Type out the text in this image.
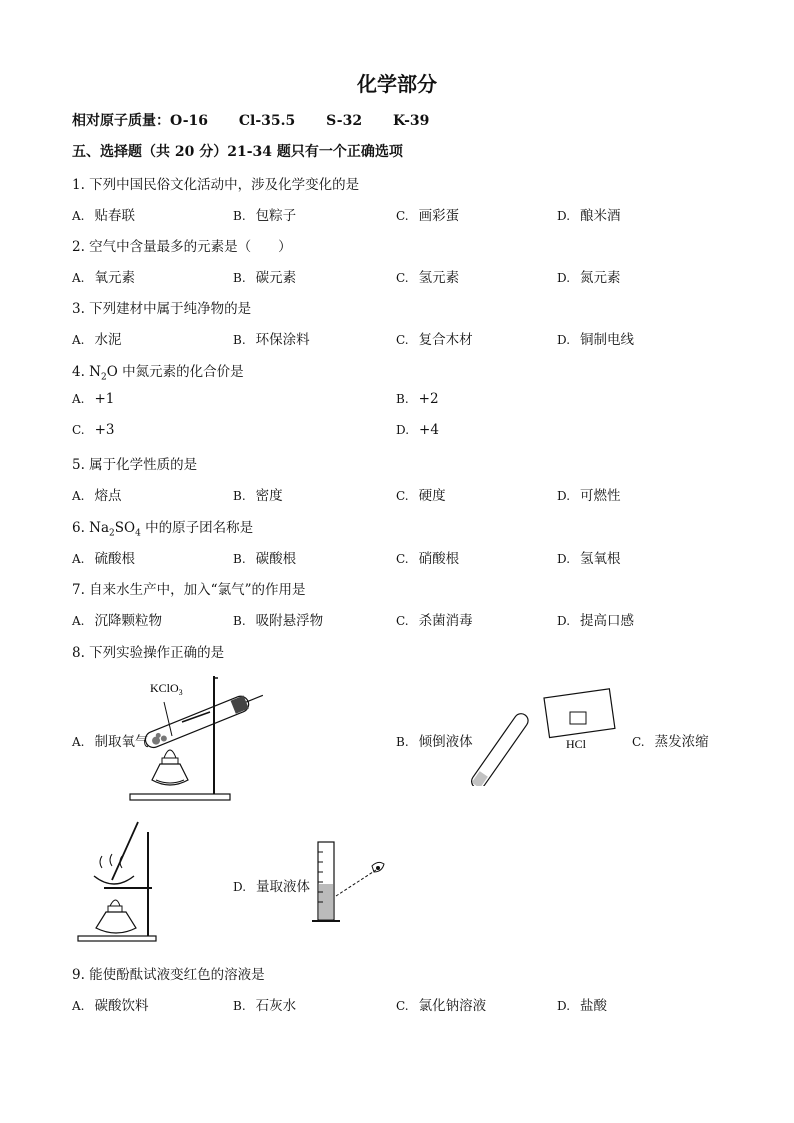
化学部分
相对原子质量：O-16 Cl-35.5 S-32 K-39
五、选择题（共 20 分）21-34 题只有一个正确选项
1. 下列中国民俗文化活动中，涉及化学变化的是
A. 贴春联	B. 包粽子	C. 画彩蛋	D. 酿米酒
2. 空气中含量最多的元素是（　　）
A. 氧元素	B. 碳元素	C. 氢元素	D. 氮元素
3. 下列建材中属于纯净物的是
A. 水泥	B. 环保涂料	C. 复合木材	D. 铜制电线
4. $N_2O$ 中氮元素的化合价是
A. +1	B. +2
C. +3	D. +4
5. 属于化学性质的是
A. 熔点	B. 密度	C. 硬度	D. 可燃性
6. $Na_2SO_4$ 中的原子团名称是
A. 硫酸根	B. 碳酸根	C. 硝酸根	D. 氢氧根
7. 自来水生产中，加入“氯气”的作用是
A. 沉降颗粒物	B. 吸附悬浮物	C. 杀菌消毒	D. 提高口感
8. 下列实验操作正确的是
KClO$_3$
A. 制取氧气	B. 倾倒液体	HCl	C. 蒸发浓缩
D. 量取液体
9. 能使酚酞试液变红色的溶液是
A. 碳酸饮料	B. 石灰水	C. 氯化钠溶液	D. 盐酸
